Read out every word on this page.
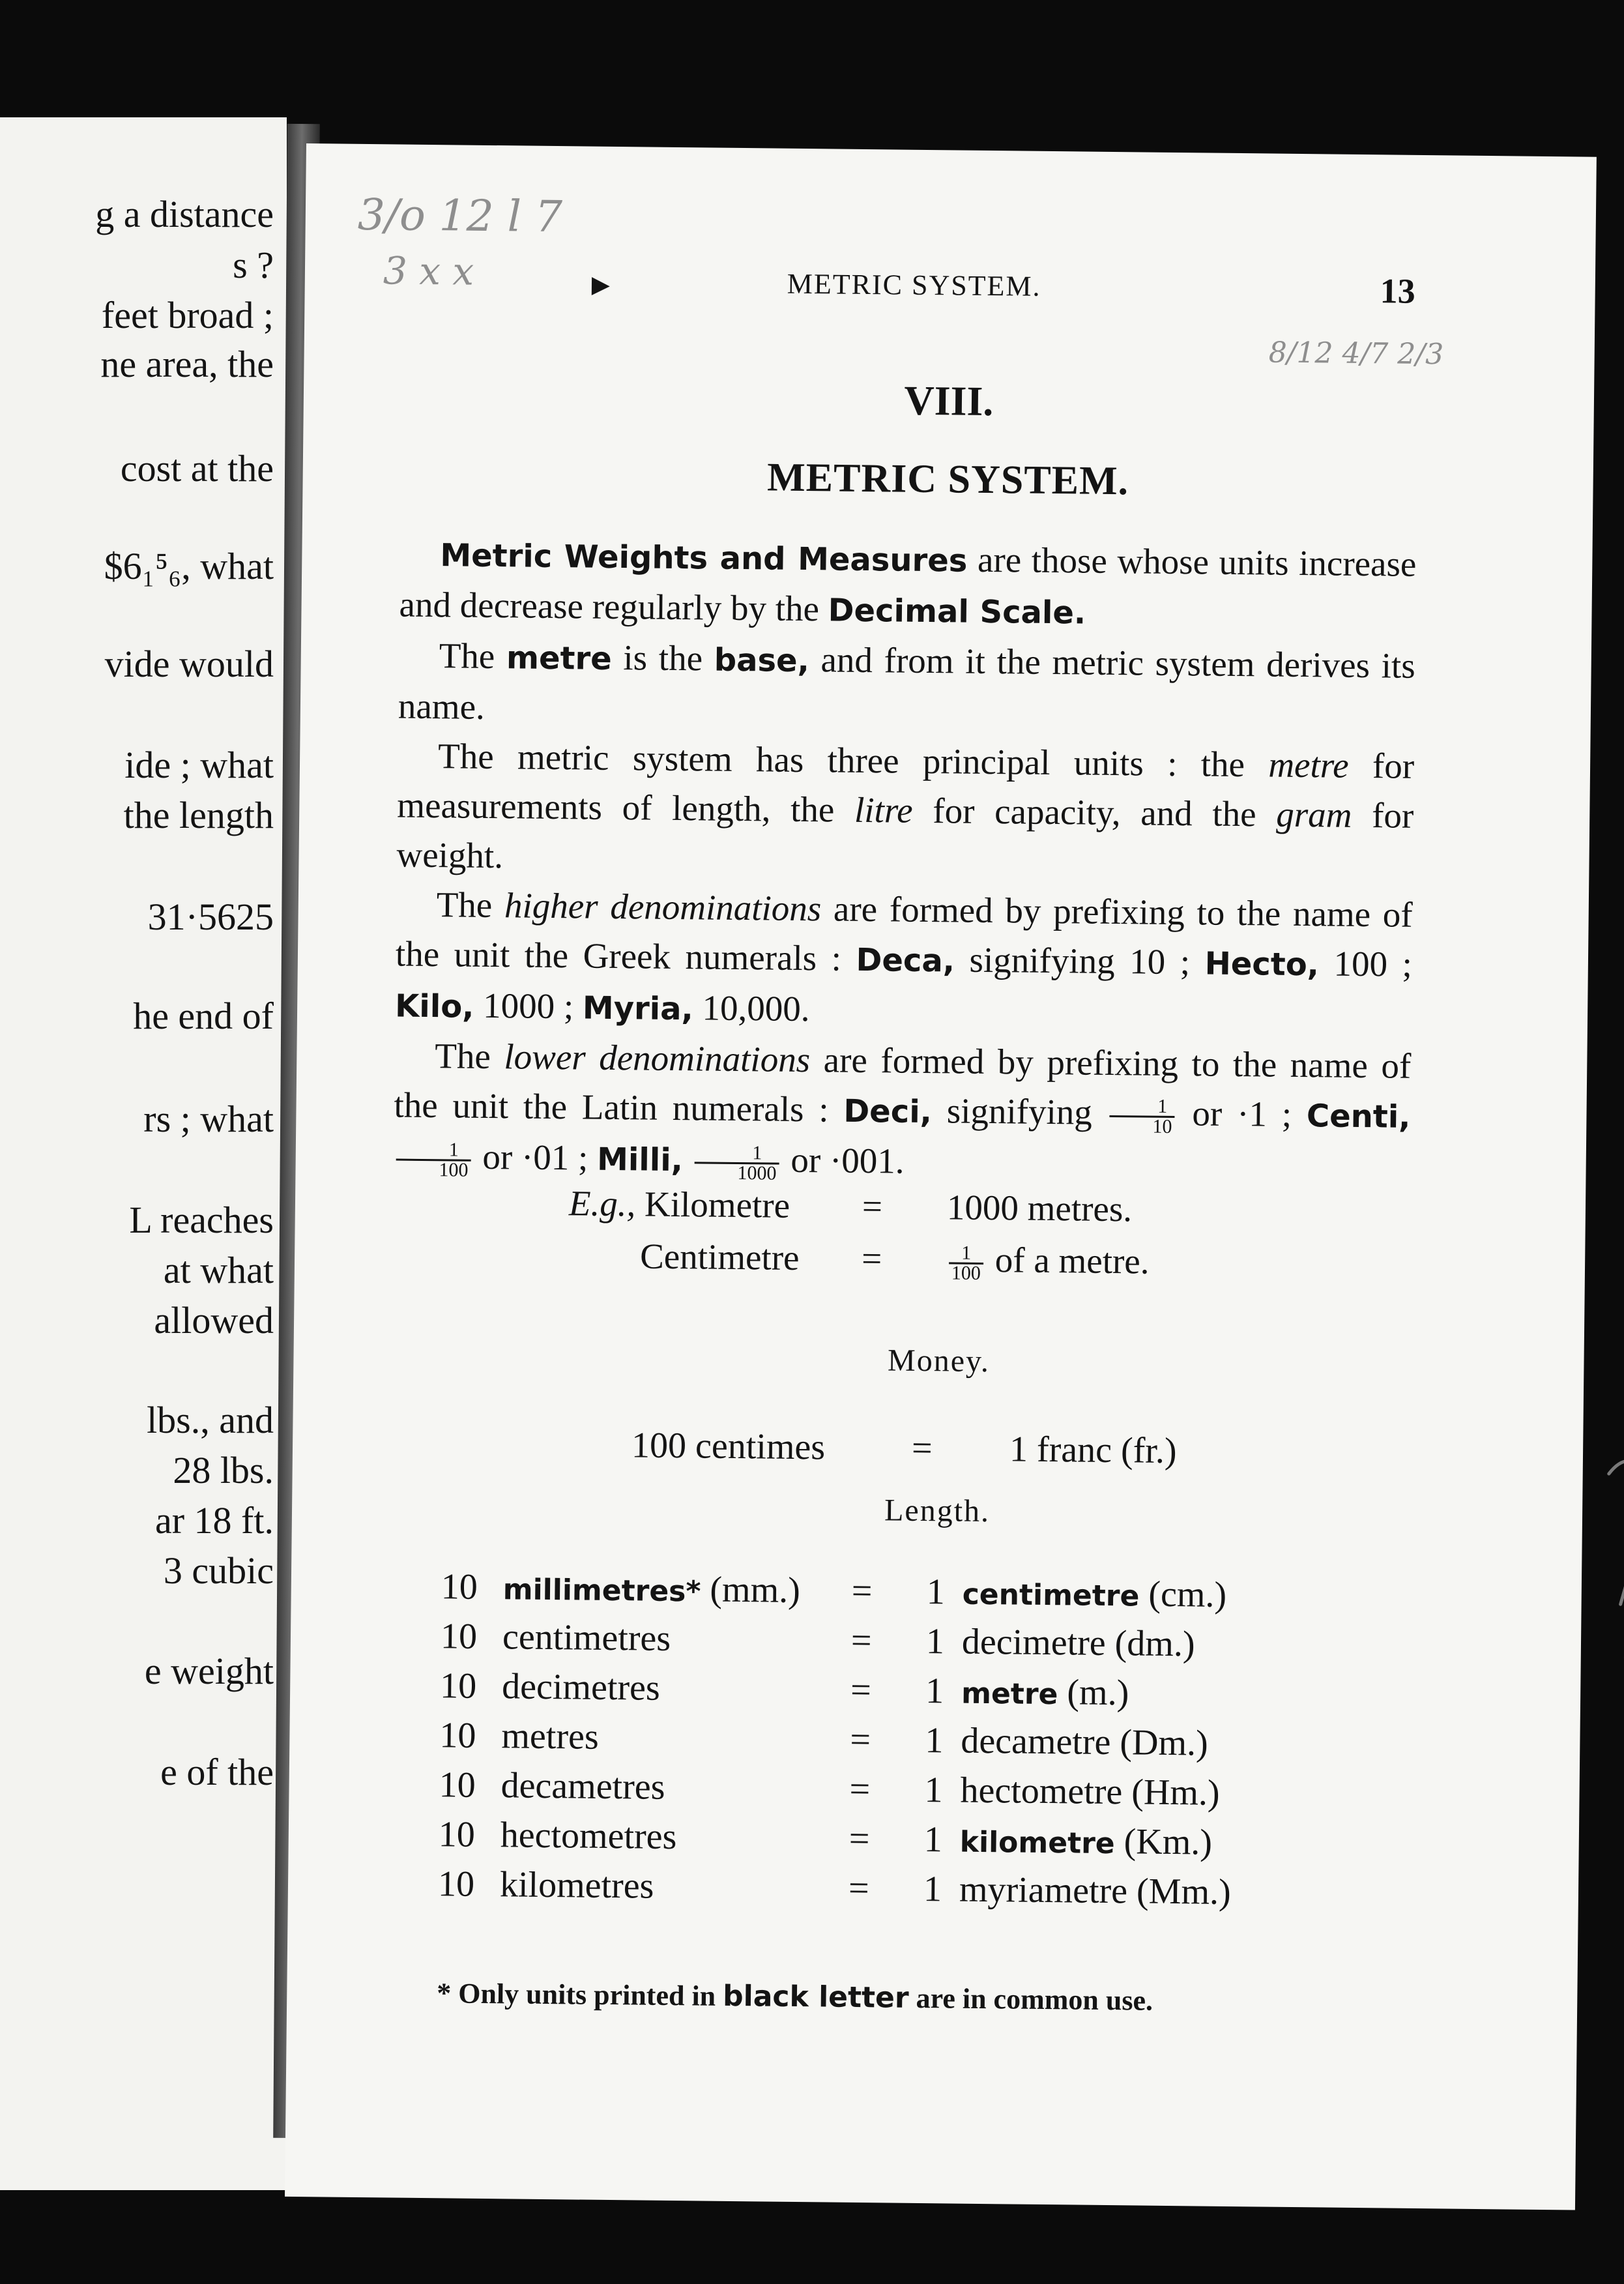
g a distance
s ?
feet broad ;
ne area, the
cost at the
$6₁⁵₆, what
vide would
ide ; what
the length
31·5625
he end of
rs ; what
L reaches
at what
allowed
lbs., and
28 lbs.
ar 18 ft.
3 cubic
e weight
e of the
3/o 12 l 7
3 x x
8/12 4/7 2/3
▸	METRIC SYSTEM.	13
VIII.
METRIC SYSTEM.

Metric Weights and Measures are those whose units increase and decrease regularly by the Decimal Scale.

The metre is the base, and from it the metric system derives its name.

The metric system has three principal units : the metre for measurements of length, the litre for capacity, and the gram for weight.

The higher denominations are formed by prefixing to the name of the unit the Greek numerals : Deca, signifying 10 ; Hecto, 100 ; Kilo, 1000 ; Myria, 10,000.

The lower denominations are formed by prefixing to the name of the unit the Latin numerals : Deci, signifying $\frac{1}{10}$ or ·1 ; Centi,
$\frac{1}{100}$ or ·01 ; Milli, $\frac{1}{1000}$ or ·001.

E.g., Kilometre = 1000 metres.
Centimetre =	$\frac{1}{100}$ of a metre.
Money.
100 centimes = 1 franc (fr.)
Length.
10 millimetres* (mm.) = 1 centimetre (cm.)
10 centimetres	= 1 decimetre (dm.)
10 decimetres	= 1 metre (m.)
10 metres	= 1 decametre (Dm.)
10 decametres	= 1 hectometre (Hm.)
10 hectometres	= 1 kilometre (Km.)
10 kilometres	= 1 myriametre (Mm.)
* Only units printed in black letter are in common use.
